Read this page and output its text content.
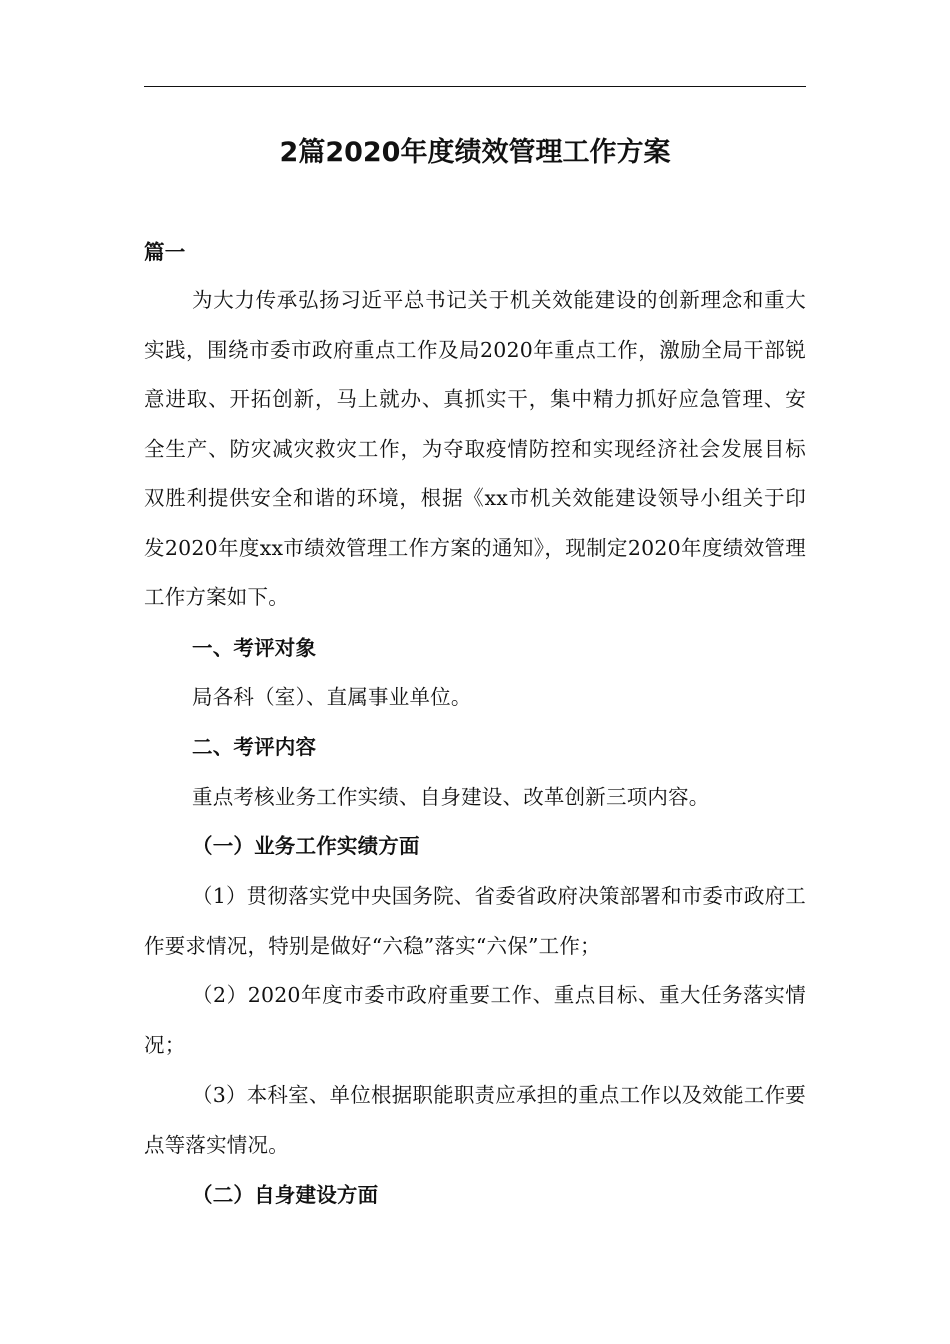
2篇2020年度绩效管理工作方案

篇一

为大力传承弘扬习近平总书记关于机关效能建设的创新理念和重大实践，围绕市委市政府重点工作及局2020年重点工作，激励全局干部锐意进取、开拓创新，马上就办、真抓实干，集中精力抓好应急管理、安全生产、防灾减灾救灾工作，为夺取疫情防控和实现经济社会发展目标双胜利提供安全和谐的环境，根据《xx市机关效能建设领导小组关于印发2020年度xx市绩效管理工作方案的通知》，现制定2020年度绩效管理工作方案如下。

一、考评对象

局各科（室）、直属事业单位。

二、考评内容

重点考核业务工作实绩、自身建设、改革创新三项内容。

（一）业务工作实绩方面

（1）贯彻落实党中央国务院、省委省政府决策部署和市委市政府工作要求情况，特别是做好“六稳”落实“六保”工作；

（2）2020年度市委市政府重要工作、重点目标、重大任务落实情况；

（3）本科室、单位根据职能职责应承担的重点工作以及效能工作要点等落实情况。

（二）自身建设方面
